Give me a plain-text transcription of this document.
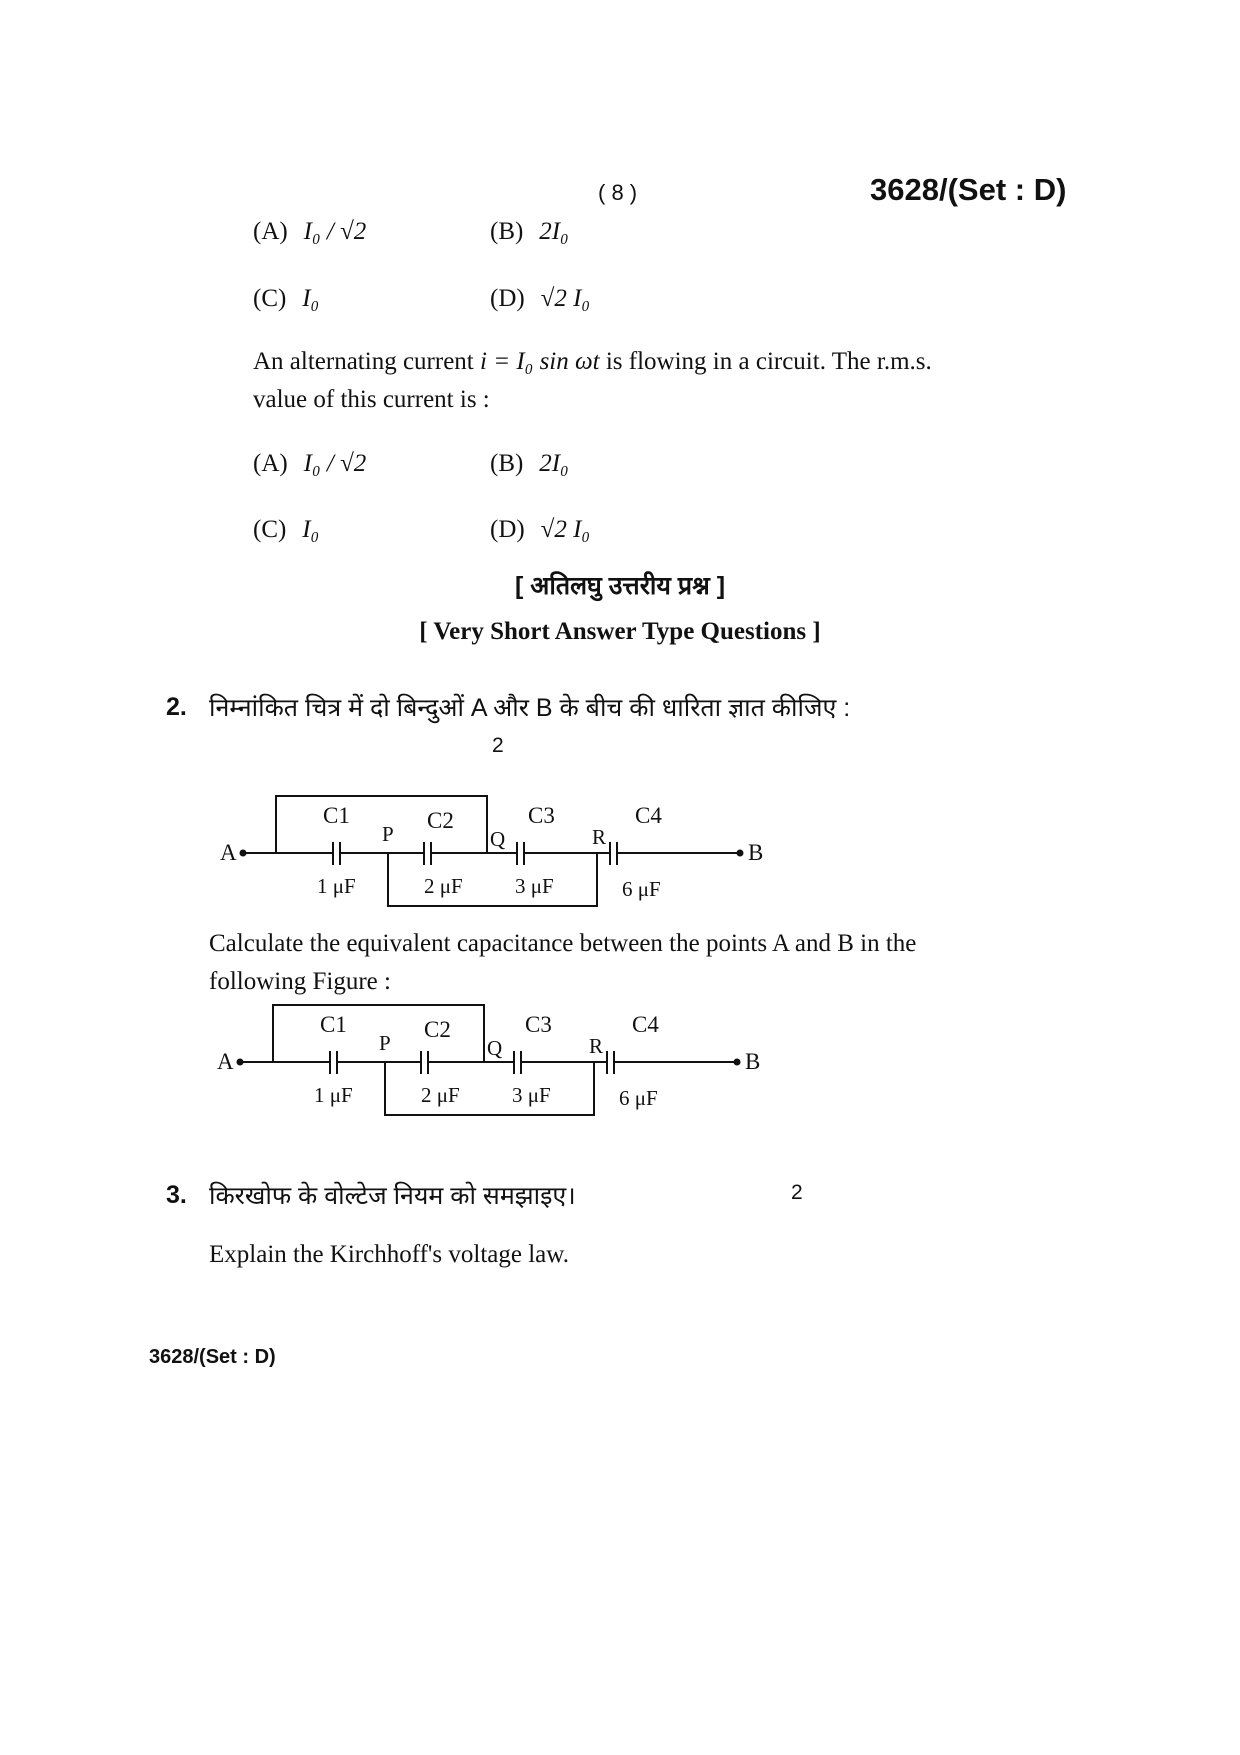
( 8 )	3628/(Set : D)
(A) I₀ / √2	(B) 2I₀
(C) I₀	(D) √2 I₀
An alternating current i = I₀ sin ωt is flowing in a circuit. The r.m.s.
value of this current is :
(A) I₀ / √2	(B) 2I₀
(C) I₀	(D) √2 I₀
[ अतिलघु उत्तरीय प्रश्न ]
[ Very Short Answer Type Questions ]
2. निम्नांकित चित्र में दो बिन्दुओं A और B के बीच की धारिता ज्ञात कीजिए :
2
A	B
P	Q	R
C1	C2	C3	C4
1 μF	2 μF 3 μF	6 μF
Calculate the equivalent capacitance between the points A and B in the
following Figure :
A	B
P	Q	R
C1	C2	C3	C4
1 μF	2 μF 3 μF	6 μF
3. किरखोफ के वोल्टेज नियम को समझाइए।	2
Explain the Kirchhoff's voltage law.
3628/(Set : D)
